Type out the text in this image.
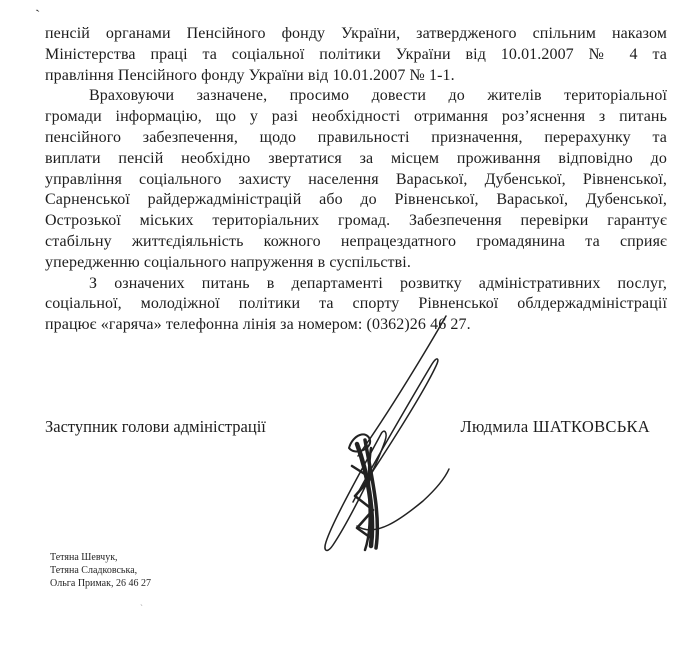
`
пенсій органами Пенсійного фонду України, затвердженого спільним наказом
Міністерства праці та соціальної політики України від 10.01.2007 № 4 та
правління Пенсійного фонду України від 10.01.2007 № 1-1.
Враховуючи зазначене, просимо довести до жителів територіальної
громади інформацію, що у разі необхідності отримання роз’яснення з питань
пенсійного забезпечення, щодо правильності призначення, перерахунку та
виплати пенсій необхідно звертатися за місцем проживання відповідно до
управління соціального захисту населення Вараської, Дубенської, Рівненської,
Сарненської райдержадміністрацій або до Рівненської, Вараської, Дубенської,
Острозької міських територіальних громад. Забезпечення перевірки гарантує
стабільну життєдіяльність кожного непрацездатного громадянина та сприяє
упередженню соціального напруження в суспільстві.
З означених питань в департаменті розвитку адміністративних послуг,
соціальної, молодіжної політики та спорту Рівненської облдержадміністрації
працює «гаряча» телефонна лінія за номером: (0362)26 46 27.
Заступник голови адміністрації	Людмила ШАТКОВСЬКА
Тетяна Шевчук,
Тетяна Сладковська,
Ольга Примак, 26 46 27
ˎ
